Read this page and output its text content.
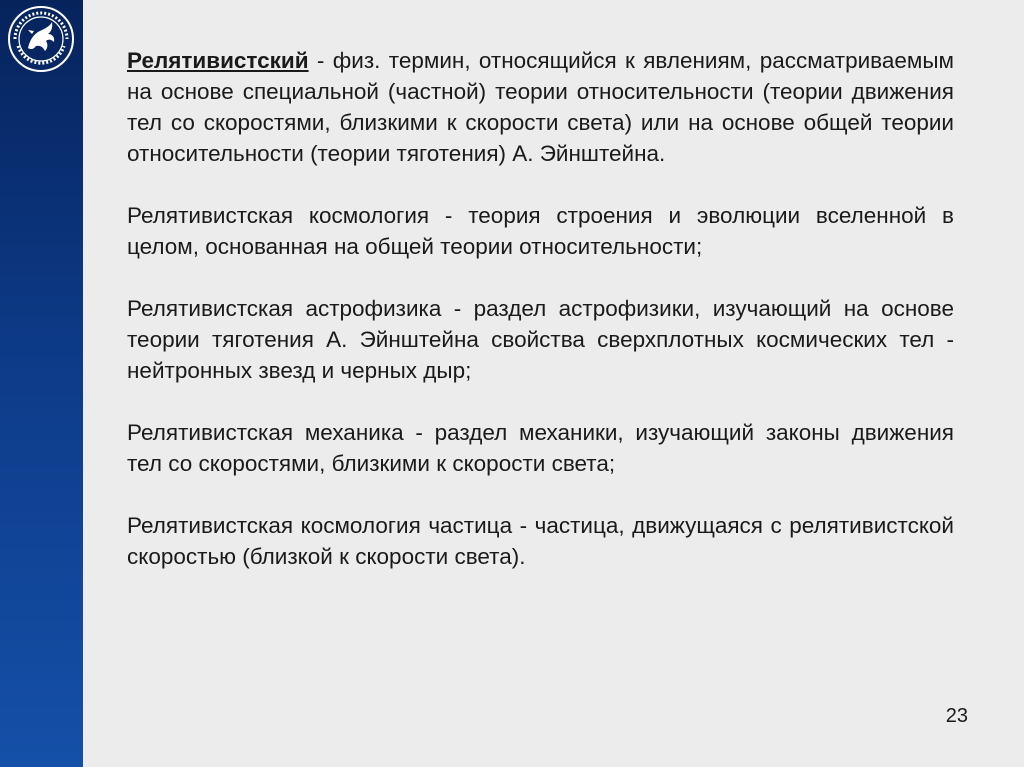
Релятивистский - физ. термин, относящийся к явлениям, рассматриваемым на основе специальной (частной) теории относительности (теории движения тел со скоростями, близкими к скорости света) или на основе общей теории относительности (теории тяготения) А. Эйнштейна.

Релятивистская космология - теория строения и эволюции вселенной в целом, основанная на общей теории относительности;

Релятивистская астрофизика - раздел астрофизики, изучающий на основе теории тяготения А. Эйнштейна свойства сверхплотных космических тел - нейтронных звезд и черных дыр;

Релятивистская механика - раздел механики, изучающий законы движения тел со скоростями, близкими к скорости света;

Релятивистская космология частица - частица, движущаяся с релятивистской скоростью (близкой к скорости света).

23
